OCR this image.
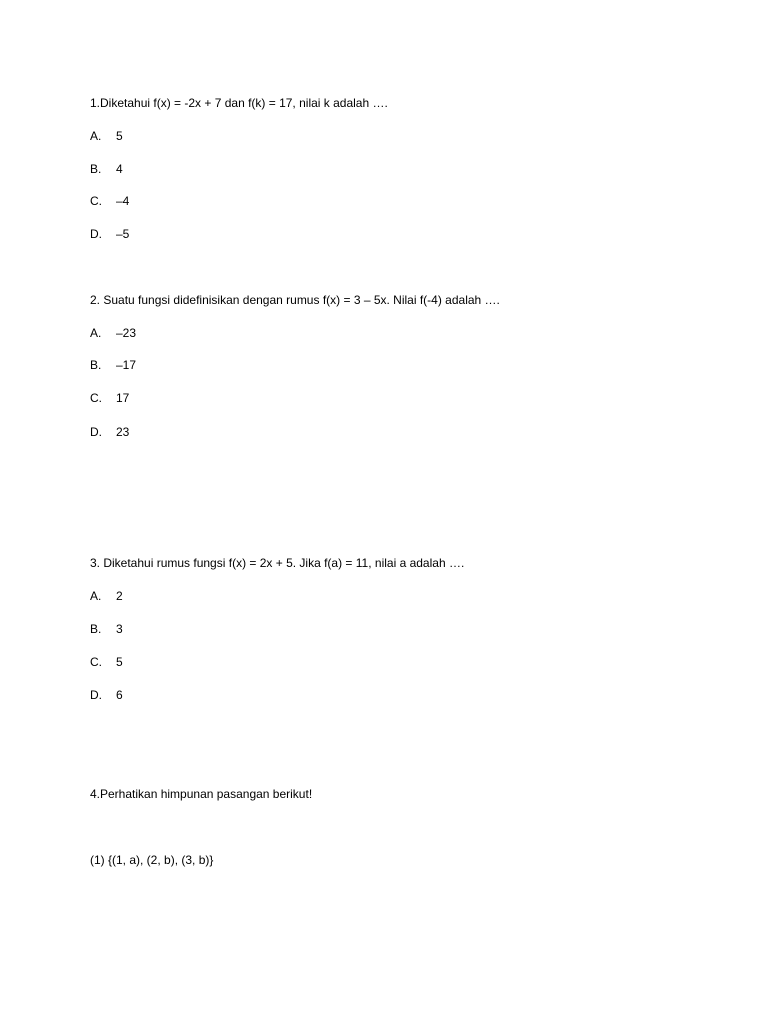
1.Diketahui f(x) = -2x + 7 dan f(k) = 17, nilai k adalah ….
A. 5
B. 4
C. –4
D. –5
2. Suatu fungsi didefinisikan dengan rumus f(x) = 3 – 5x. Nilai f(-4) adalah ….
A. –23
B. –17
C. 17
D. 23
3. Diketahui rumus fungsi f(x) = 2x + 5. Jika f(a) = 11, nilai a adalah ….
A. 2
B. 3
C. 5
D. 6
4.Perhatikan himpunan pasangan berikut!
(1) {(1, a), (2, b), (3, b)}
